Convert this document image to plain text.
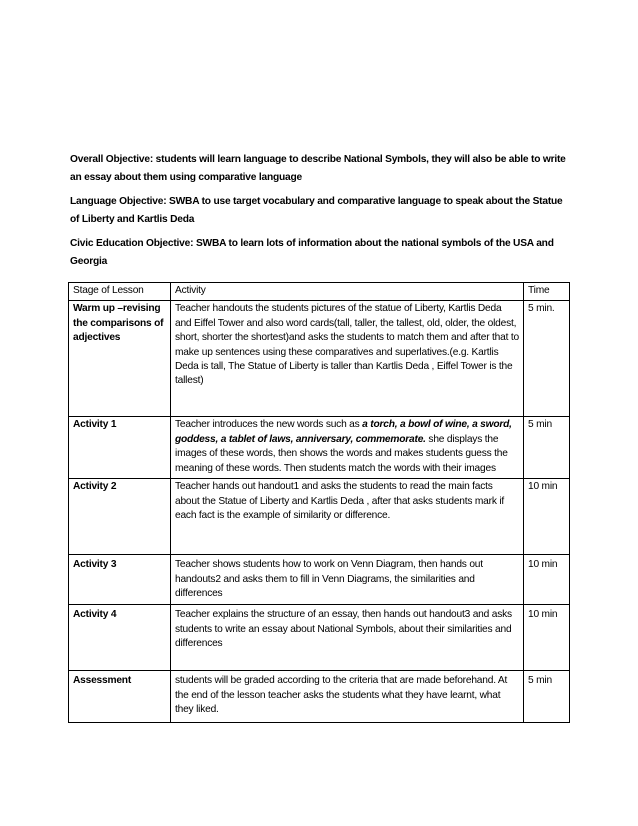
Overall Objective: students will learn language to describe National Symbols, they will also be able to write an essay about them using comparative language

Language Objective: SWBA to use target vocabulary and comparative language to speak about the Statue of Liberty and Kartlis Deda

Civic Education Objective: SWBA to learn lots of information about the national symbols of the USA and Georgia

Stage of Lesson	Activity	Time
Warm up –revising the comparisons of adjectives	Teacher handouts the students pictures of the statue of Liberty, Kartlis Deda and Eiffel Tower and also word cards(tall, taller, the tallest, old, older, the oldest, short, shorter the shortest)and asks the students to match them and after that to make up sentences using these comparatives and superlatives.(e.g. Kartlis Deda is tall, The Statue of Liberty is taller than Kartlis Deda , Eiffel Tower is the tallest)	5 min.
Activity 1	Teacher introduces the new words such as a torch, a bowl of wine, a sword, goddess, a tablet of laws, anniversary, commemorate. she displays the images of these words, then shows the words and makes students guess the meaning of these words. Then students match the words with their images	5 min
Activity 2	Teacher hands out handout1 and asks the students to read the main facts about the Statue of Liberty and Kartlis Deda , after that asks students mark if each fact is the example of similarity or difference.	10 min
Activity 3	Teacher shows students how to work on Venn Diagram, then hands out handouts2 and asks them to fill in Venn Diagrams, the similarities and differences	10 min
Activity 4	Teacher explains the structure of an essay, then hands out handout3 and asks students to write an essay about National Symbols, about their similarities and differences	10 min
Assessment	students will be graded according to the criteria that are made beforehand. At the end of the lesson teacher asks the students what they have learnt, what they liked.	5 min
